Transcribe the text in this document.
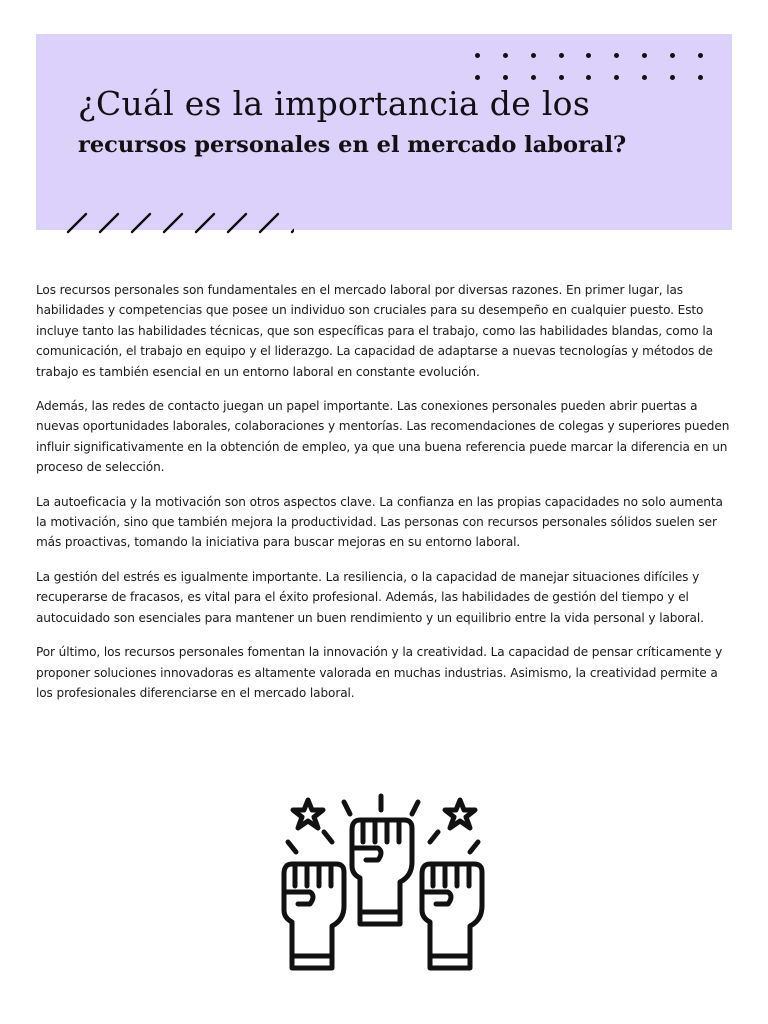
¿Cuál es la importancia de los
recursos personales en el mercado laboral?

Los recursos personales son fundamentales en el mercado laboral por diversas razones. En primer lugar, las habilidades y competencias que posee un individuo son cruciales para su desempeño en cualquier puesto. Esto incluye tanto las habilidades técnicas, que son específicas para el trabajo, como las habilidades blandas, como la comunicación, el trabajo en equipo y el liderazgo. La capacidad de adaptarse a nuevas tecnologías y métodos de trabajo es también esencial en un entorno laboral en constante evolución.

Además, las redes de contacto juegan un papel importante. Las conexiones personales pueden abrir puertas a nuevas oportunidades laborales, colaboraciones y mentorías. Las recomendaciones de colegas y superiores pueden influir significativamente en la obtención de empleo, ya que una buena referencia puede marcar la diferencia en un proceso de selección.

La autoeficacia y la motivación son otros aspectos clave. La confianza en las propias capacidades no solo aumenta la motivación, sino que también mejora la productividad. Las personas con recursos personales sólidos suelen ser más proactivas, tomando la iniciativa para buscar mejoras en su entorno laboral.

La gestión del estrés es igualmente importante. La resiliencia, o la capacidad de manejar situaciones difíciles y recuperarse de fracasos, es vital para el éxito profesional. Además, las habilidades de gestión del tiempo y el autocuidado son esenciales para mantener un buen rendimiento y un equilibrio entre la vida personal y laboral.

Por último, los recursos personales fomentan la innovación y la creatividad. La capacidad de pensar críticamente y proponer soluciones innovadoras es altamente valorada en muchas industrias. Asimismo, la creatividad permite a los profesionales diferenciarse en el mercado laboral.
